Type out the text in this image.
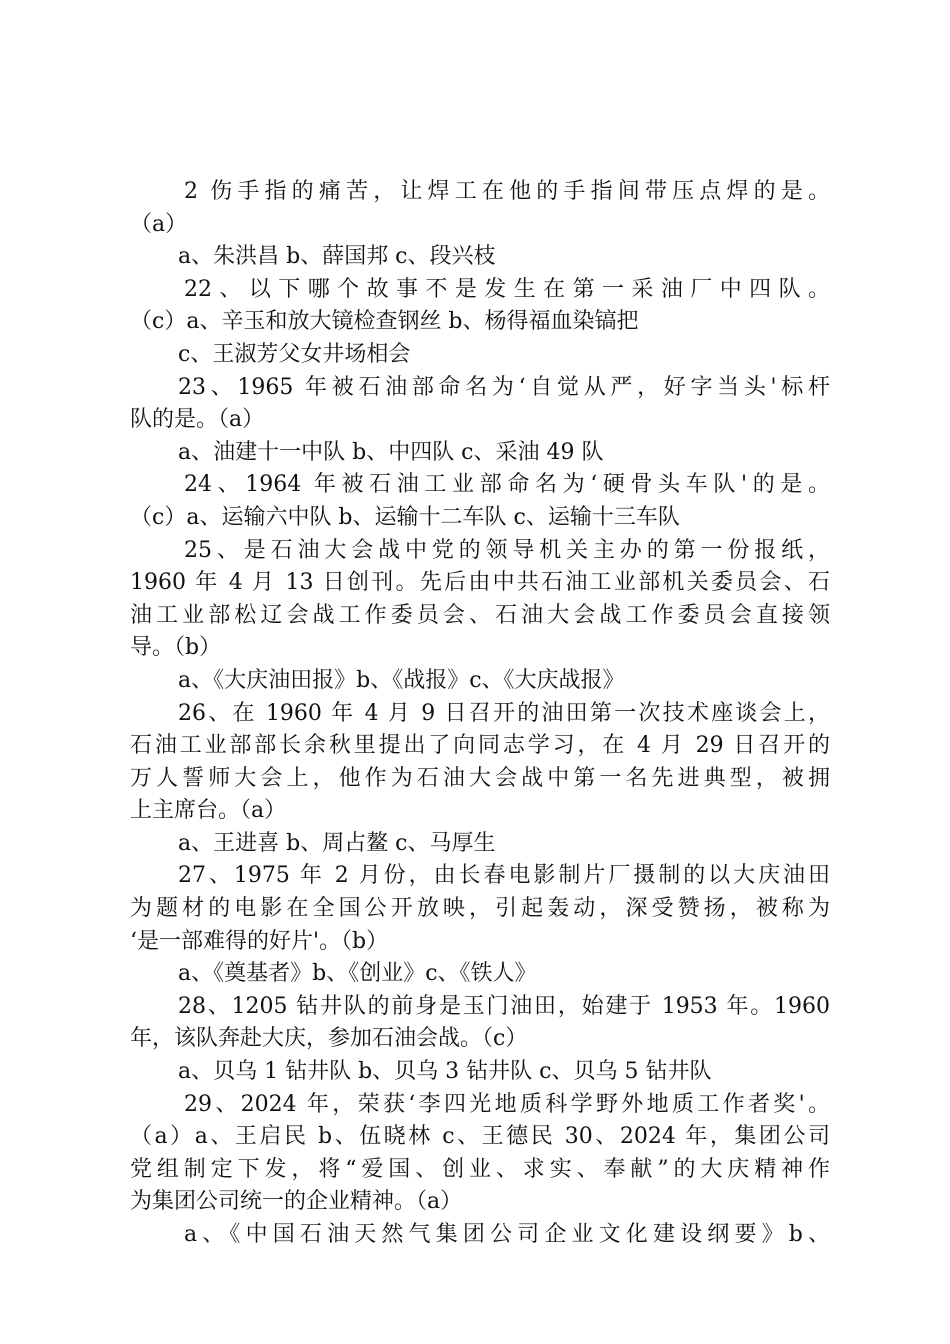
2 伤手指的痛苦，让焊工在他的手指间带压点焊的是。
（a）
a、朱洪昌 b、薛国邦 c、段兴枝
22、以下哪个故事不是发生在第一采油厂中四队。
（c）a、辛玉和放大镜检查钢丝 b、杨得福血染镐把
c、王淑芳父女井场相会
23、1965 年被石油部命名为‘自觉从严，好字当头'标杆
队的是。（a）
a、油建十一中队 b、中四队 c、采油 49 队
24、1964 年被石油工业部命名为‘硬骨头车队'的是。
（c）a、运输六中队 b、运输十二车队 c、运输十三车队
25、是石油大会战中党的领导机关主办的第一份报纸，
1960 年 4 月 13 日创刊。先后由中共石油工业部机关委员会、石
油工业部松辽会战工作委员会、石油大会战工作委员会直接领
导。（b）
a、《大庆油田报》b、《战报》c、《大庆战报》
26、在 1960 年 4 月 9 日召开的油田第一次技术座谈会上，
石油工业部部长余秋里提出了向同志学习，在 4 月 29 日召开的
万人誓师大会上，他作为石油大会战中第一名先进典型，被拥
上主席台。（a）
a、王进喜 b、周占鳌 c、马厚生
27、1975 年 2 月份，由长春电影制片厂摄制的以大庆油田
为题材的电影在全国公开放映，引起轰动，深受赞扬，被称为
‘是一部难得的好片'。（b）
a、《奠基者》b、《创业》c、《铁人》
28、1205 钻井队的前身是玉门油田，始建于 1953 年。1960
年，该队奔赴大庆，参加石油会战。（c）
a、贝乌 1 钻井队 b、贝乌 3 钻井队 c、贝乌 5 钻井队
29、2024 年，荣获‘李四光地质科学野外地质工作者奖'。
（a）a、王启民 b、伍晓林 c、王德民 30、2024 年，集团公司
党组制定下发，将“爱国、创业、求实、奉献”的大庆精神作
为集团公司统一的企业精神。（a）
a、《中国石油天然气集团公司企业文化建设纲要》b、
